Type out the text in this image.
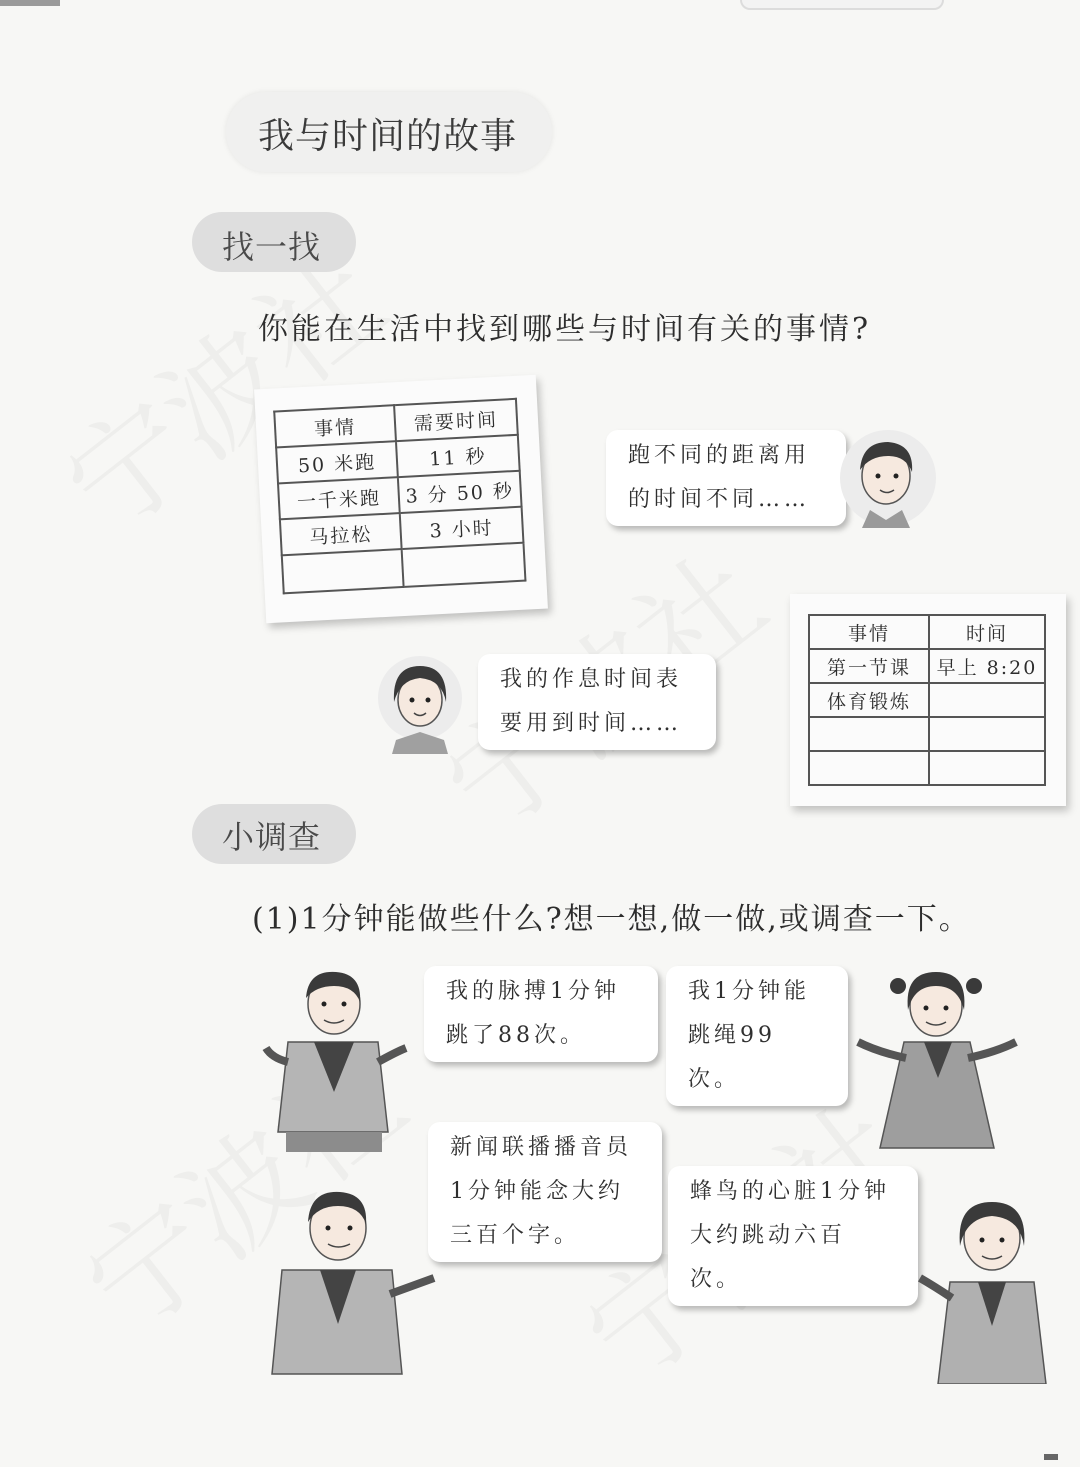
我与时间的故事
找一找
你能在生活中找到哪些与时间有关的事情?
事情	需要时间
50 米跑	11 秒
一千米跑	3 分 50 秒
马拉松	3 小时

跑不同的距离用
的时间不同……
我的作息时间表
要用到时间……
事情	时间
第一节课	早上 8:20
体育锻炼	

小调查
(1)1分钟能做些什么?想一想,做一做,或调查一下。
我的脉搏1分钟
跳了88次。
我1分钟能
跳绳99次。
新闻联播播音员
1分钟能念大约
三百个字。
蜂鸟的心脏1分钟
大约跳动六百次。
